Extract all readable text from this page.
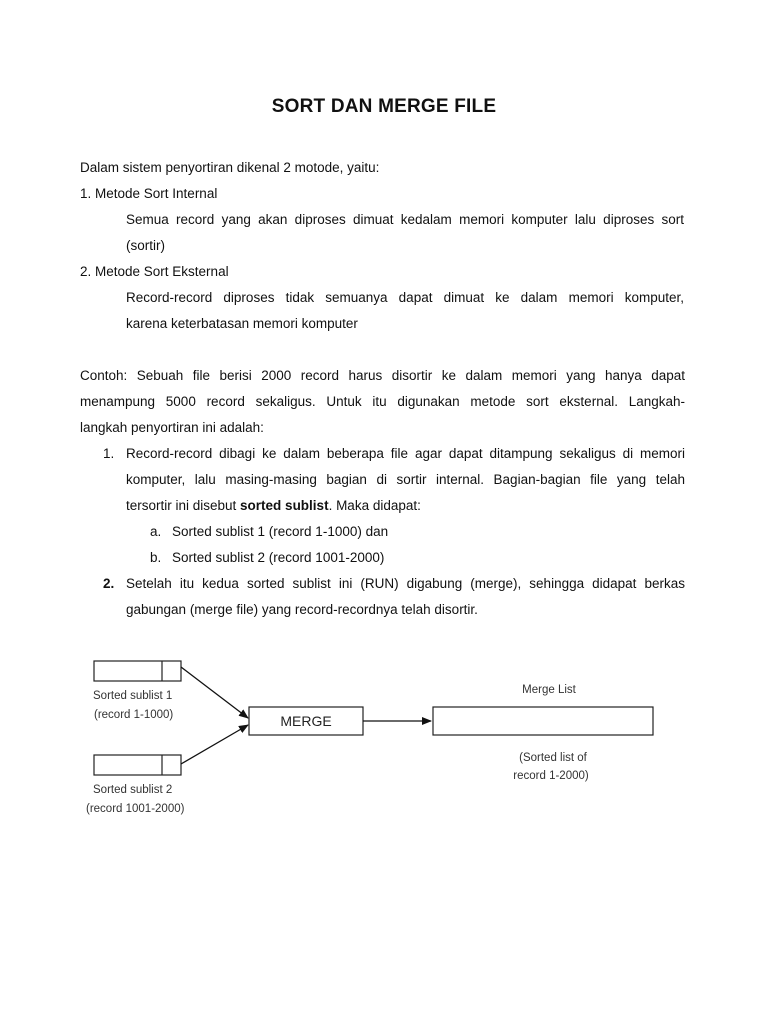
SORT DAN MERGE FILE
Dalam sistem penyortiran dikenal 2 motode, yaitu:
1. Metode Sort Internal
Semua record yang akan diproses dimuat kedalam memori komputer lalu diproses sort
(sortir)
2. Metode Sort Eksternal
Record-record diproses tidak semuanya dapat dimuat ke dalam memori komputer,
karena keterbatasan memori komputer
Contoh: Sebuah file berisi 2000 record harus disortir ke dalam memori yang hanya dapat
menampung 5000 record sekaligus. Untuk itu digunakan metode sort eksternal. Langkah-
langkah penyortiran ini adalah:
1. Record-record dibagi ke dalam beberapa file agar dapat ditampung sekaligus di memori
komputer, lalu masing-masing bagian di sortir internal. Bagian-bagian file yang telah
tersortir ini disebut sorted sublist. Maka didapat:
a. Sorted sublist 1 (record 1-1000) dan
b. Sorted sublist 2 (record 1001-2000)
2. Setelah itu kedua sorted sublist ini (RUN) digabung (merge), sehingga didapat berkas
gabungan (merge file) yang record-recordnya telah disortir.
Sorted sublist 1
(record 1-1000)
Sorted sublist 2
(record 1001-2000)
MERGE
Merge List
(Sorted list of
record 1-2000)
